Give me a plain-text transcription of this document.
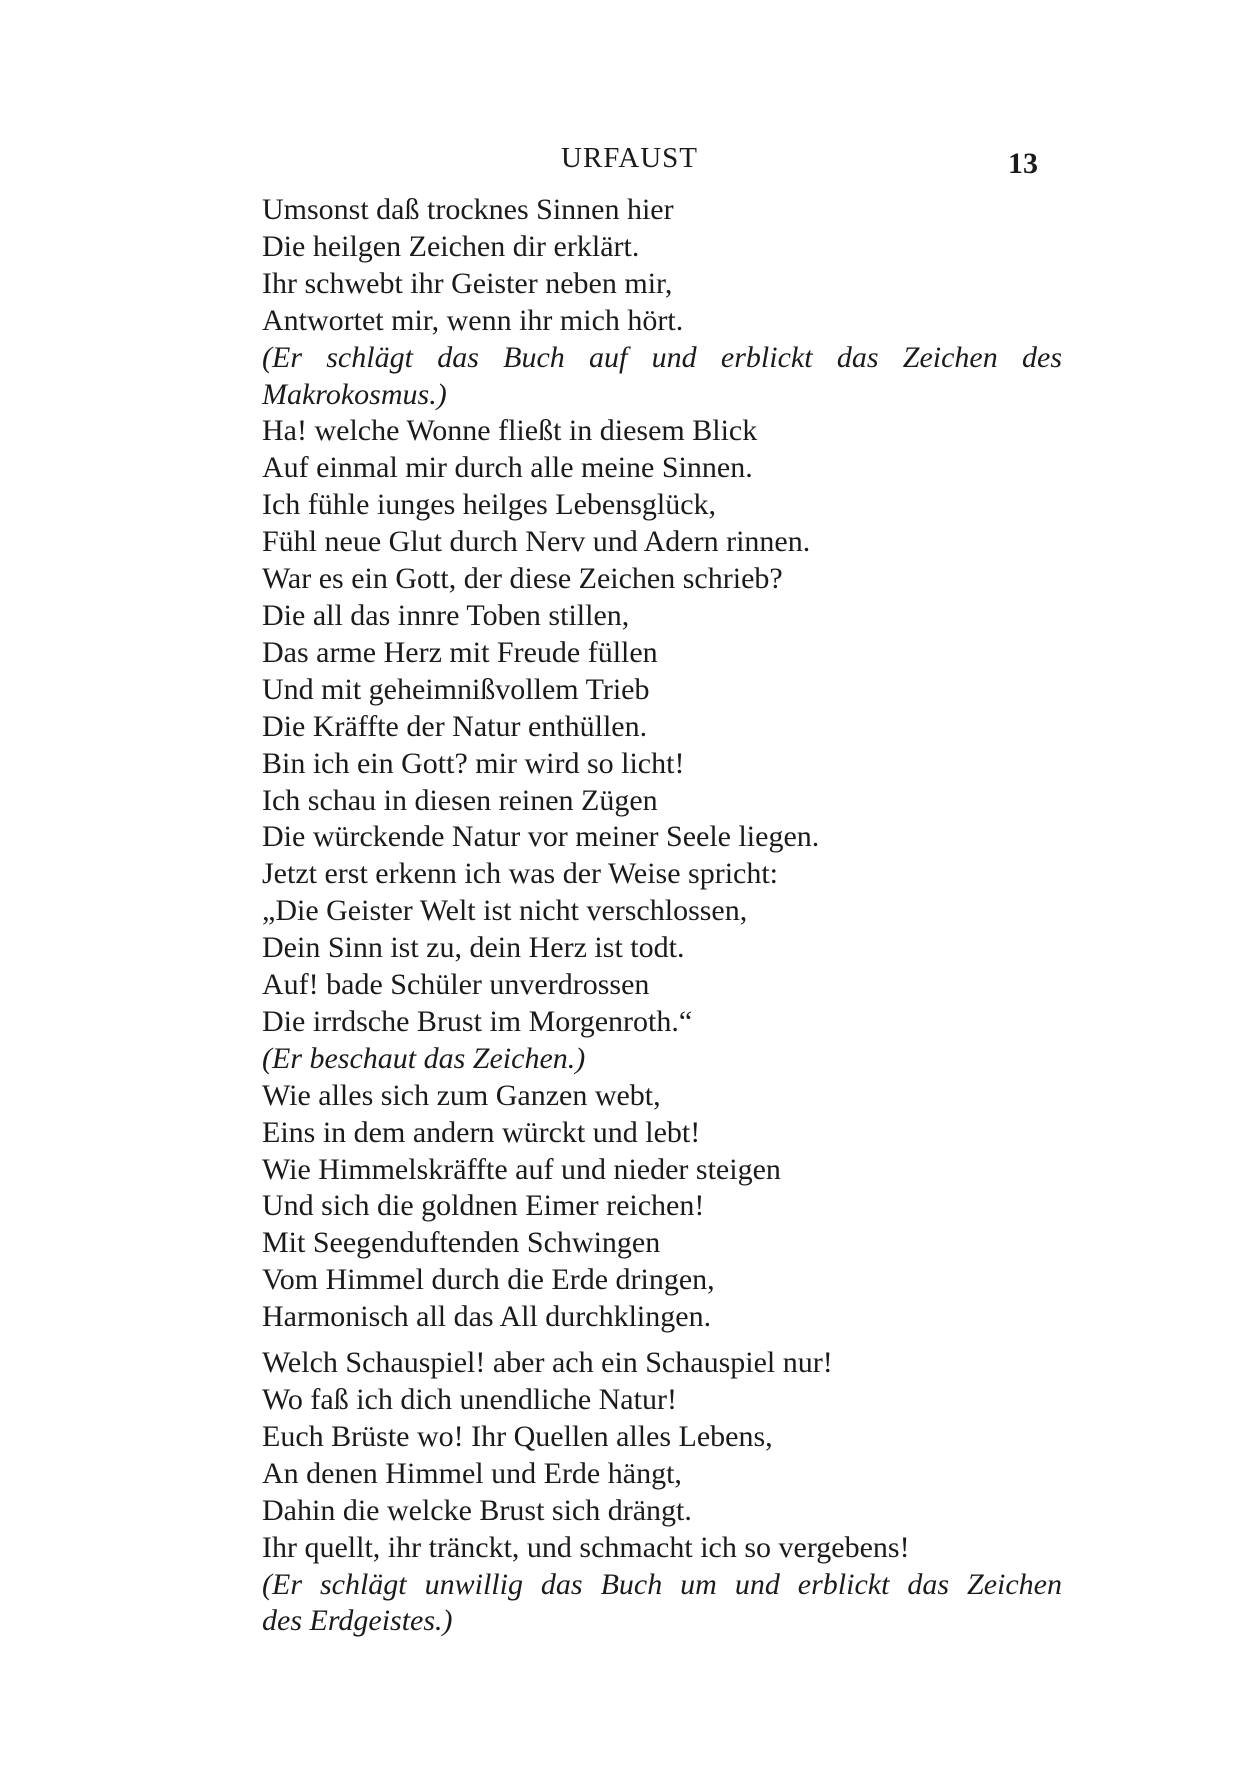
URFAUST	13

Umsonst daß trocknes Sinnen hier

Die heilgen Zeichen dir erklärt.

Ihr schwebt ihr Geister neben mir,

Antwortet mir, wenn ihr mich hört.

(Er schlägt das Buch auf und erblickt das Zeichen des

Makrokosmus.)

Ha! welche Wonne fließt in diesem Blick

Auf einmal mir durch alle meine Sinnen.

Ich fühle iunges heilges Lebensglück,

Fühl neue Glut durch Nerv und Adern rinnen.

War es ein Gott, der diese Zeichen schrieb?

Die all das innre Toben stillen,

Das arme Herz mit Freude füllen

Und mit geheimnißvollem Trieb

Die Kräffte der Natur enthüllen.

Bin ich ein Gott? mir wird so licht!

Ich schau in diesen reinen Zügen

Die würckende Natur vor meiner Seele liegen.

Jetzt erst erkenn ich was der Weise spricht:

„Die Geister Welt ist nicht verschlossen,

Dein Sinn ist zu, dein Herz ist todt.

Auf! bade Schüler unverdrossen

Die irrdsche Brust im Morgenroth.“

(Er beschaut das Zeichen.)

Wie alles sich zum Ganzen webt,

Eins in dem andern würckt und lebt!

Wie Himmelskräffte auf und nieder steigen

Und sich die goldnen Eimer reichen!

Mit Seegenduftenden Schwingen

Vom Himmel durch die Erde dringen,

Harmonisch all das All durchklingen.

Welch Schauspiel! aber ach ein Schauspiel nur!

Wo faß ich dich unendliche Natur!

Euch Brüste wo! Ihr Quellen alles Lebens,

An denen Himmel und Erde hängt,

Dahin die welcke Brust sich drängt.

Ihr quellt, ihr tränckt, und schmacht ich so vergebens!

(Er schlägt unwillig das Buch um und erblickt das Zeichen

des Erdgeistes.)
